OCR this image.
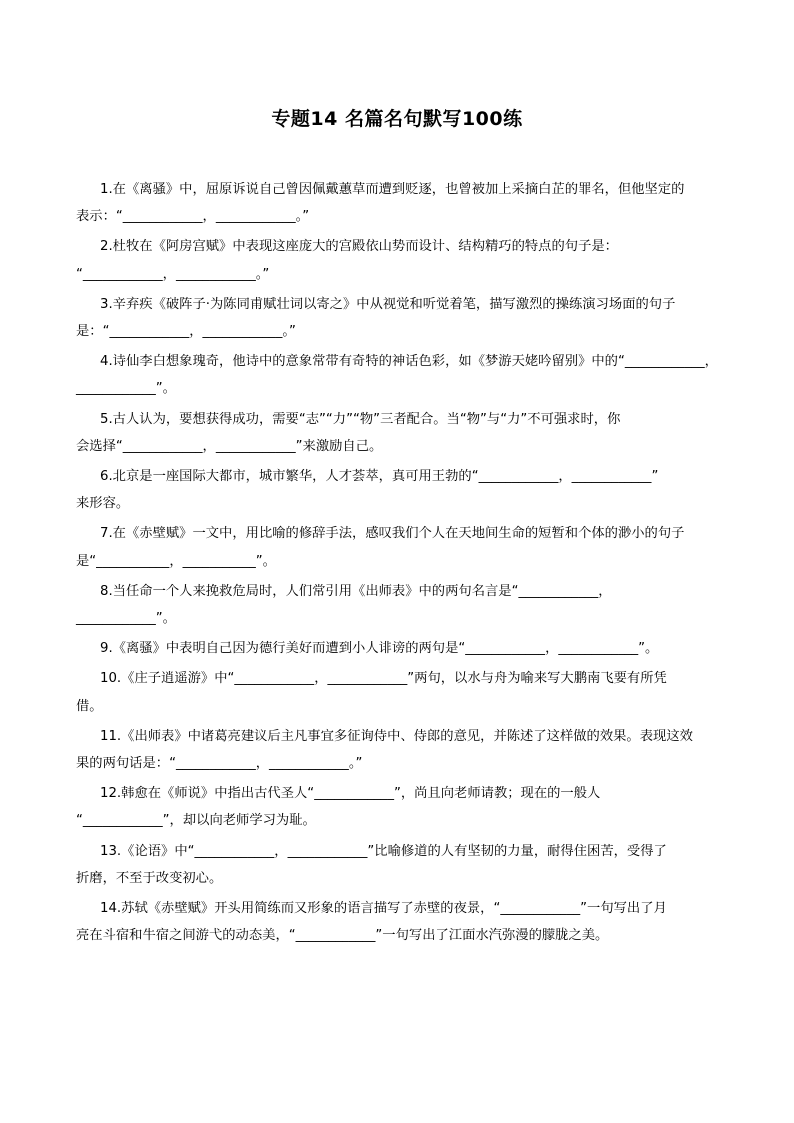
专题14 名篇名句默写100练
1.在《离骚》中，屈原诉说自己曾因佩戴蕙草而遭到贬逐，也曾被加上采摘白芷的罪名，但他坚定的
表示：“____________，____________。”
2.杜牧在《阿房宫赋》中表现这座庞大的宫殿依山势而设计、结构精巧的特点的句子是：
“____________，____________。”
3.辛弃疾《破阵子·为陈同甫赋壮词以寄之》中从视觉和听觉着笔，描写激烈的操练演习场面的句子
是：“____________，____________。”
4.诗仙李白想象瑰奇，他诗中的意象常带有奇特的神话色彩，如《梦游天姥吟留别》中的“____________，
____________”。
5.古人认为，要想获得成功，需要“志”“力”“物”三者配合。当“物”与“力”不可强求时，你
会选择“____________，____________”来激励自己。
6.北京是一座国际大都市，城市繁华，人才荟萃，真可用王勃的“____________，____________”
来形容。
7.在《赤壁赋》一文中，用比喻的修辞手法，感叹我们个人在天地间生命的短暂和个体的渺小的句子
是“___________，___________”。
8.当任命一个人来挽救危局时，人们常引用《出师表》中的两句名言是“____________，
____________”。
9.《离骚》中表明自己因为德行美好而遭到小人诽谤的两句是“____________，____________”。
10.《庄子逍遥游》中“____________，____________”两句，以水与舟为喻来写大鹏南飞要有所凭
借。
11.《出师表》中诸葛亮建议后主凡事宜多征询侍中、侍郎的意见，并陈述了这样做的效果。表现这效
果的两句话是：“____________，____________。”
12.韩愈在《师说》中指出古代圣人“____________”，尚且向老师请教；现在的一般人
“____________”，却以向老师学习为耻。
13.《论语》中“____________，____________”比喻修道的人有坚韧的力量，耐得住困苦，受得了
折磨，不至于改变初心。
14.苏轼《赤壁赋》开头用简练而又形象的语言描写了赤壁的夜景，“____________”一句写出了月
亮在斗宿和牛宿之间游弋的动态美，“____________”一句写出了江面水汽弥漫的朦胧之美。
